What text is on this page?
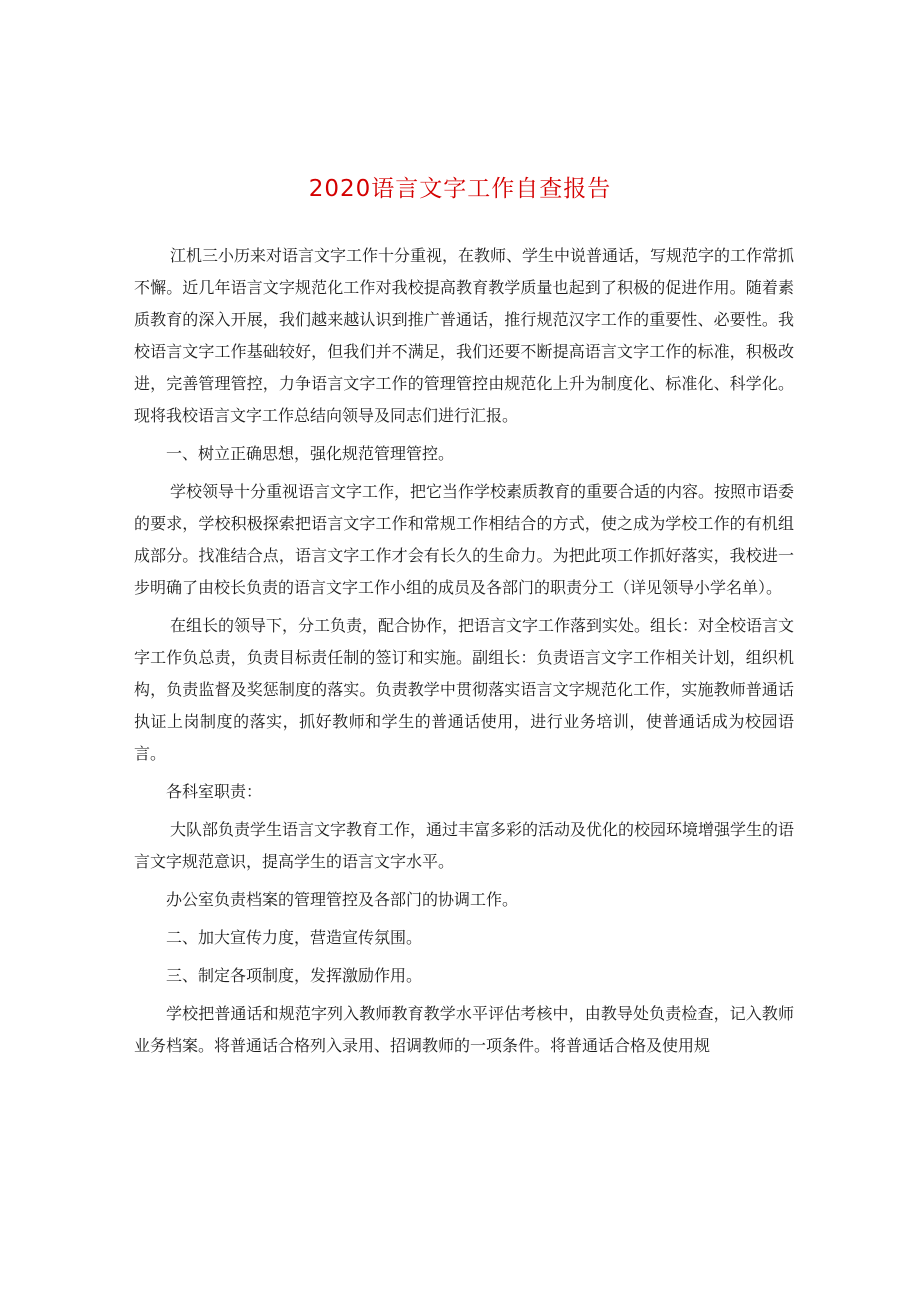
2020语言文字工作自查报告

江机三小历来对语言文字工作十分重视，在教师、学生中说普通话，写规范字的工作常抓不懈。近几年语言文字规范化工作对我校提高教育教学质量也起到了积极的促进作用。随着素质教育的深入开展，我们越来越认识到推广普通话，推行规范汉字工作的重要性、必要性。我校语言文字工作基础较好，但我们并不满足，我们还要不断提高语言文字工作的标准，积极改进，完善管理管控，力争语言文字工作的管理管控由规范化上升为制度化、标准化、科学化。现将我校语言文字工作总结向领导及同志们进行汇报。

一、树立正确思想，强化规范管理管控。

学校领导十分重视语言文字工作，把它当作学校素质教育的重要合适的内容。按照市语委的要求，学校积极探索把语言文字工作和常规工作相结合的方式，使之成为学校工作的有机组成部分。找准结合点，语言文字工作才会有长久的生命力。为把此项工作抓好落实，我校进一步明确了由校长负责的语言文字工作小组的成员及各部门的职责分工（详见领导小学名单）。

在组长的领导下，分工负责，配合协作，把语言文字工作落到实处。组长：对全校语言文字工作负总责，负责目标责任制的签订和实施。副组长：负责语言文字工作相关计划，组织机构，负责监督及奖惩制度的落实。负责教学中贯彻落实语言文字规范化工作，实施教师普通话执证上岗制度的落实，抓好教师和学生的普通话使用，进行业务培训，使普通话成为校园语言。

各科室职责：

大队部负责学生语言文字教育工作，通过丰富多彩的活动及优化的校园环境增强学生的语言文字规范意识，提高学生的语言文字水平。

办公室负责档案的管理管控及各部门的协调工作。

二、加大宣传力度，营造宣传氛围。

三、制定各项制度，发挥激励作用。

学校把普通话和规范字列入教师教育教学水平评估考核中，由教导处负责检查，记入教师业务档案。将普通话合格列入录用、招调教师的一项条件。将普通话合格及使用规
